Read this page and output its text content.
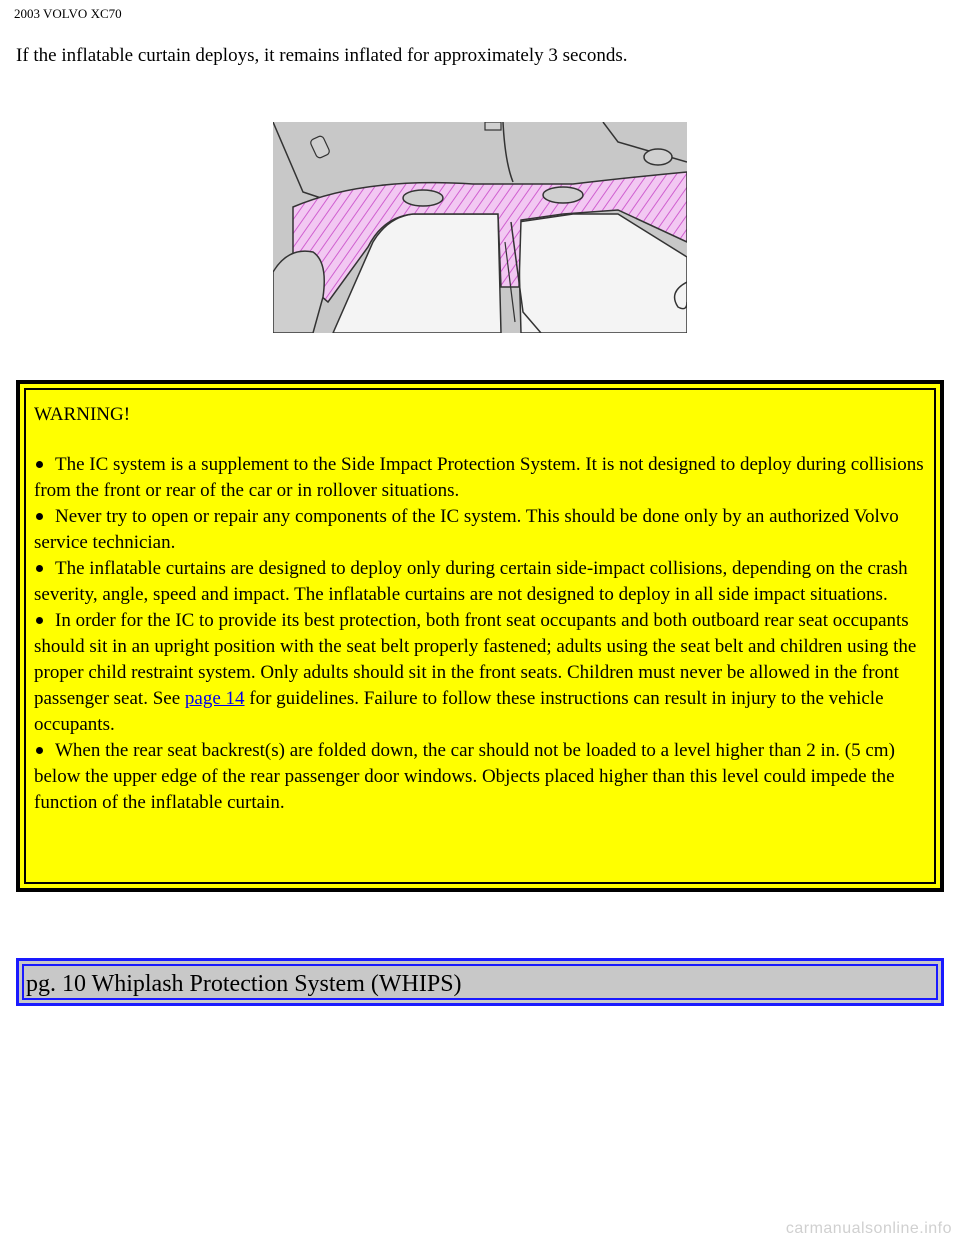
2003 VOLVO XC70
If the inflatable curtain deploys, it remains inflated for approximately 3 seconds.
WARNING!
The IC system is a supplement to the Side Impact Protection System. It is not designed to deploy during collisions from the front or rear of the car or in rollover situations.
Never try to open or repair any components of the IC system. This should be done only by an authorized Volvo service technician.
The inflatable curtains are designed to deploy only during certain side-impact collisions, depending on the crash severity, angle, speed and impact. The inflatable curtains are not designed to deploy in all side impact situations.
In order for the IC to provide its best protection, both front seat occupants and both outboard rear seat occupants should sit in an upright position with the seat belt properly fastened; adults using the seat belt and children using the proper child restraint system. Only adults should sit in the front seats. Children must never be allowed in the front passenger seat. See page 14 for guidelines. Failure to follow these instructions can result in injury to the vehicle occupants.
When the rear seat backrest(s) are folded down, the car should not be loaded to a level higher than 2 in. (5 cm) below the upper edge of the rear passenger door windows. Objects placed higher than this level could impede the function of the inflatable curtain.
pg. 10 Whiplash Protection System (WHIPS)
carmanualsonline.info
